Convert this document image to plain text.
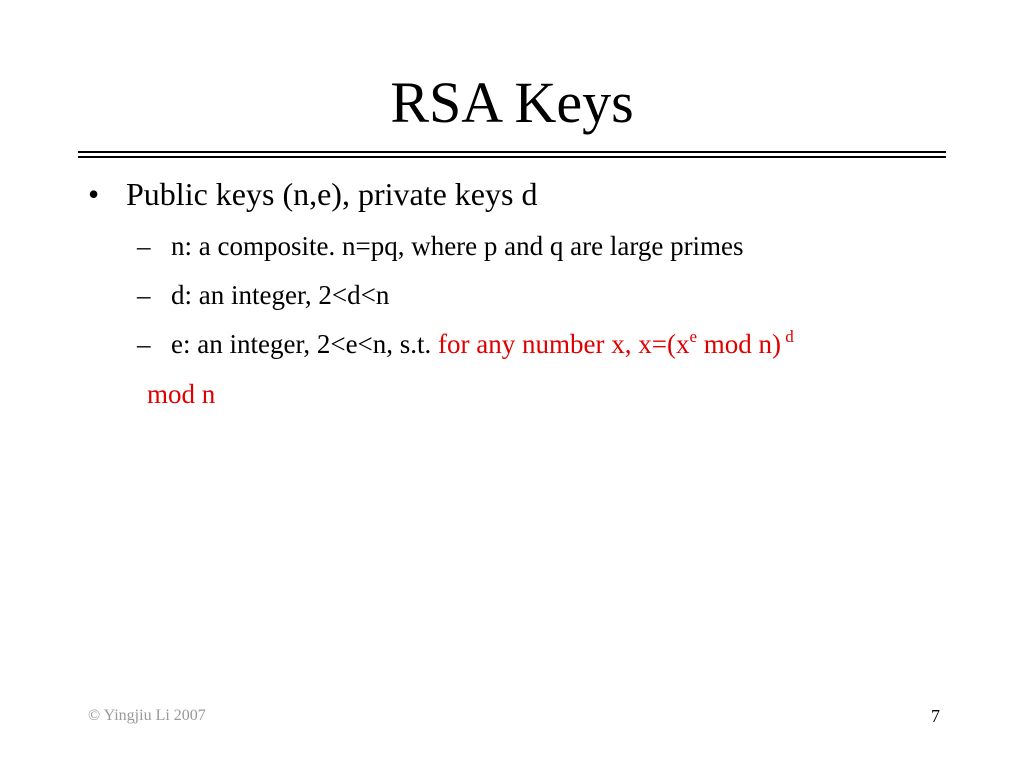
RSA Keys
• Public keys (n,e), private keys d
– n: a composite. n=pq, where p and q are large primes
– d: an integer, 2<d<n
– e: an integer, 2<e<n, s.t. for any number x, $x=(x^e$ mod n) $^d$
mod n
© Yingjiu Li 2007	7
